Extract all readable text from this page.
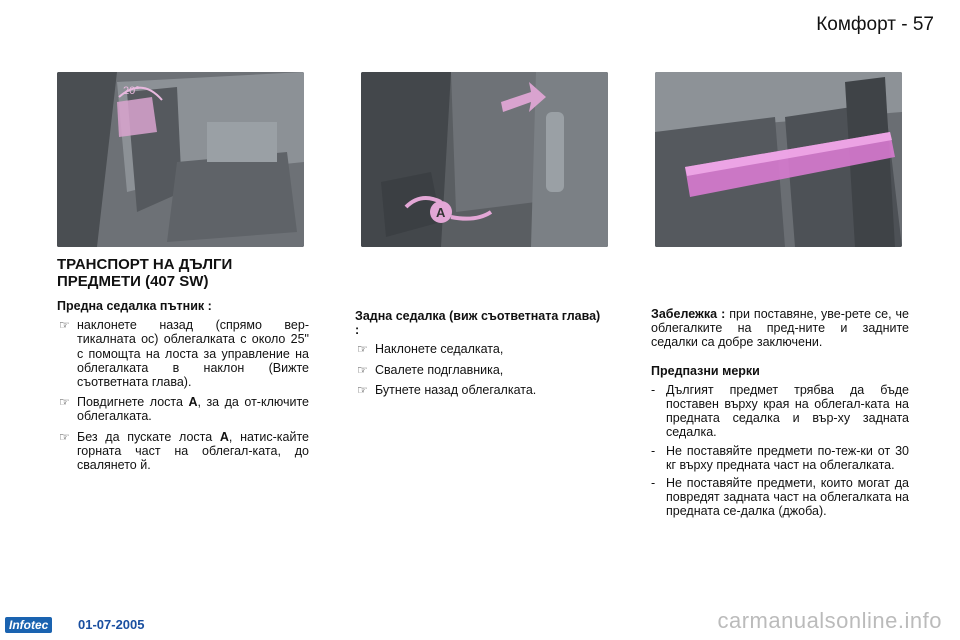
Комфорт - 57
20°
A
ТРАНСПОРТ НА ДЪЛГИ ПРЕДМЕТИ (407 SW)
Предна седалка пътник :
☞ наклонете назад (спрямо вер-тикалната ос) облегалката с около 25" с помощта на лоста за управление на облегалката в наклон (Вижте съответната глава).
☞ Повдигнете лоста A, за да от-ключите облегалката.
☞ Без да пускате лоста A, натис-кайте горната част на облегал-ката, до свалянето й.
Задна седалка (виж съответната глава) :
☞ Наклонете седалката,
☞ Свалете подглавника,
☞ Бутнете назад облегалката.
Забележка : при поставяне, уве-рете се, че облегалките на пред-ните и задните седалки са добре заключени.
Предпазни мерки
- Дългият предмет трябва да бъде поставен върху края на облегал-ката на предната седалка и вър-ху задната седалка.
- Не поставяйте предмети по-теж-ки от 30 кг върху предната част на облегалката.
- Не поставяйте предмети, които могат да повредят задната част на облегалката на предната се-далка (джоба).
Infotec	01-07-2005	carmanualsonline.info
